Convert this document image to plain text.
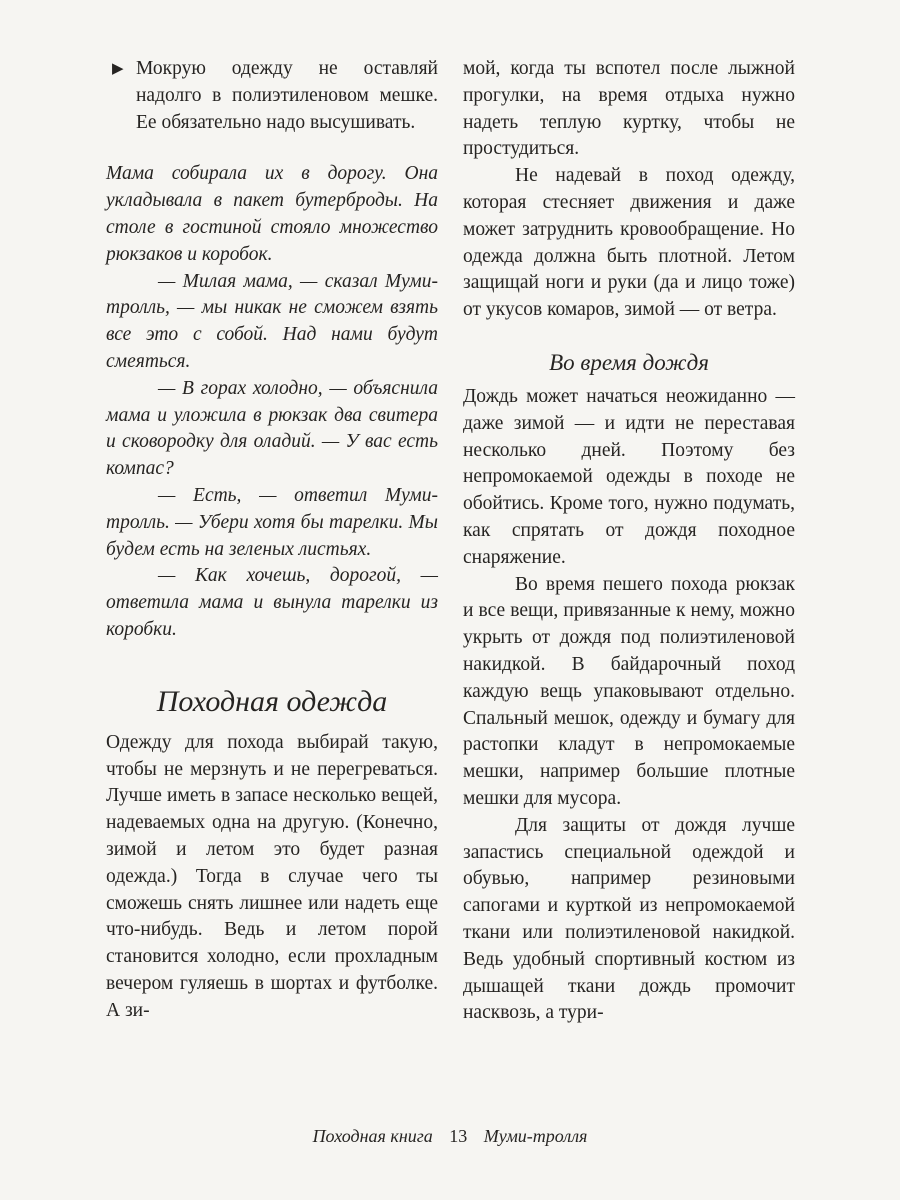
▶ Мокрую одежду не оставляй надолго в полиэтиленовом мешке. Ее обязательно надо высушивать.

Мама собирала их в дорогу. Она укладывала в пакет бутерброды. На столе в гостиной стояло множество рюкзаков и коробок.

— Милая мама, — сказал Муми-тролль, — мы никак не сможем взять все это с собой. Над нами будут смеяться.

— В горах холодно, — объяснила мама и уложила в рюкзак два свитера и сковородку для оладий. — У вас есть компас?

— Есть, — ответил Муми-тролль. — Убери хотя бы тарелки. Мы будем есть на зеленых листьях.

— Как хочешь, дорогой, — ответила мама и вынула тарелки из коробки.

Походная одежда

Одежду для похода выбирай такую, чтобы не мерзнуть и не перегреваться. Лучше иметь в запасе несколько вещей, надеваемых одна на другую. (Конечно, зимой и летом это будет разная одежда.) Тогда в случае чего ты сможешь снять лишнее или надеть еще что-нибудь. Ведь и летом порой становится холодно, если прохладным вечером гуляешь в шортах и футболке. А зи-

мой, когда ты вспотел после лыжной прогулки, на время отдыха нужно надеть теплую куртку, чтобы не простудиться.

Не надевай в поход одежду, которая стесняет движения и даже может затруднить кровообращение. Но одежда должна быть плотной. Летом защищай ноги и руки (да и лицо тоже) от укусов комаров, зимой — от ветра.

Во время дождя

Дождь может начаться неожиданно — даже зимой — и идти не переставая несколько дней. Поэтому без непромокаемой одежды в походе не обойтись. Кроме того, нужно подумать, как спрятать от дождя походное снаряжение.

Во время пешего похода рюкзак и все вещи, привязанные к нему, можно укрыть от дождя под полиэтиленовой накидкой. В байдарочный поход каждую вещь упаковывают отдельно. Спальный мешок, одежду и бумагу для растопки кладут в непромокаемые мешки, например большие плотные мешки для мусора.

Для защиты от дождя лучше запастись специальной одеждой и обувью, например резиновыми сапогами и курткой из непромокаемой ткани или полиэтиленовой накидкой. Ведь удобный спортивный костюм из дышащей ткани дождь промочит насквозь, а тури-

Походная книга 13 Муми-тролля
